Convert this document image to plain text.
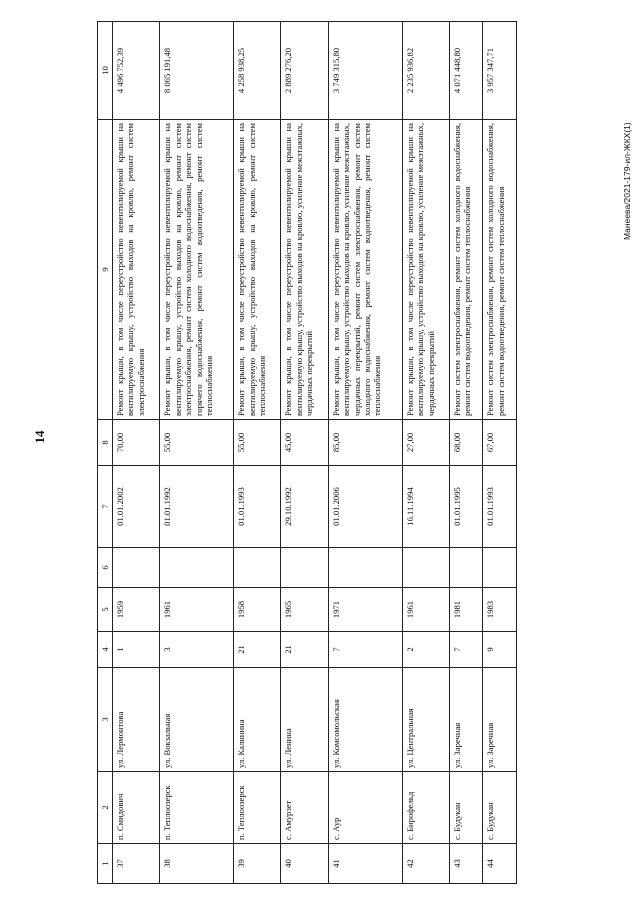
14
1	2	3	4	5	6	7	8	9	10
37	п. Смидович	ул. Лермонтова	1	1959		01.01.2002	70,00	Ремонт крыши, в том числе переустройство невентилируемой крыши на вентилируемую крышу, устройство выходов на кровлю, ремонт систем электроснабжения	4 496 752,39
38	п. Теплоозерск	ул. Вокзальная	3	1961		01.01.1992	55,00	Ремонт крыши, в том числе переустройство невентилируемой крыши на вентилируемую крышу, устройство выходов на кровлю, ремонт систем электроснабжения, ремонт систем холодного водоснабжения, ремонт систем горячего водоснабжения, ремонт систем водоотведения, ремонт систем теплоснабжения	8 065 191,48
39	п. Теплоозерск	ул. Калинина	21	1958		01.01.1993	55,00	Ремонт крыши, в том числе переустройство невентилируемой крыши на вентилируемую крышу, устройство выходов на кровлю, ремонт систем теплоснабжения	4 258 938,25
40	с. Амурзет	ул. Ленина	21	1965		29.10.1992	45,00	Ремонт крыши, в том числе переустройство невентилируемой крыши на вентилируемую крышу, устройство выходов на кровлю, усиление межэтажных, чердачных перекрытий	2 889 276,20
41	с. Аур	ул. Комсомольская	7	1971		01.01.2006	85,00	Ремонт крыши, в том числе переустройство невентилируемой крыши на вентилируемую крышу, устройство выходов на кровлю, усиление межэтажных, чердачных перекрытий, ремонт систем электроснабжения, ремонт систем холодного водоснабжения, ремонт систем водоотведения, ремонт систем теплоснабжения	3 749 315,80
42	с. Бирофельд	ул. Центральная	2	1961		16.11.1994	27,00	Ремонт крыши, в том числе переустройство невентилируемой крыши на вентилируемую крышу, устройство выходов на кровлю, усиление межэтажных, чердачных перекрытий	2 235 936,82
43	с. Будукан	ул. Заречная	7	1981		01.01.1995	68,00	Ремонт систем электроснабжения, ремонт систем холодного водоснабжения, ремонт систем водоотведения, ремонт систем теплоснабжения	4 071 448,80
44	с. Будукан	ул. Заречная	9	1983		01.01.1993	67,00	Ремонт систем электроснабжения, ремонт систем холодного водоснабжения, ремонт систем водоотведения, ремонт систем теплоснабжения	3 957 347,71
Манеева/2021-179-ил-ЖКХ(1)
